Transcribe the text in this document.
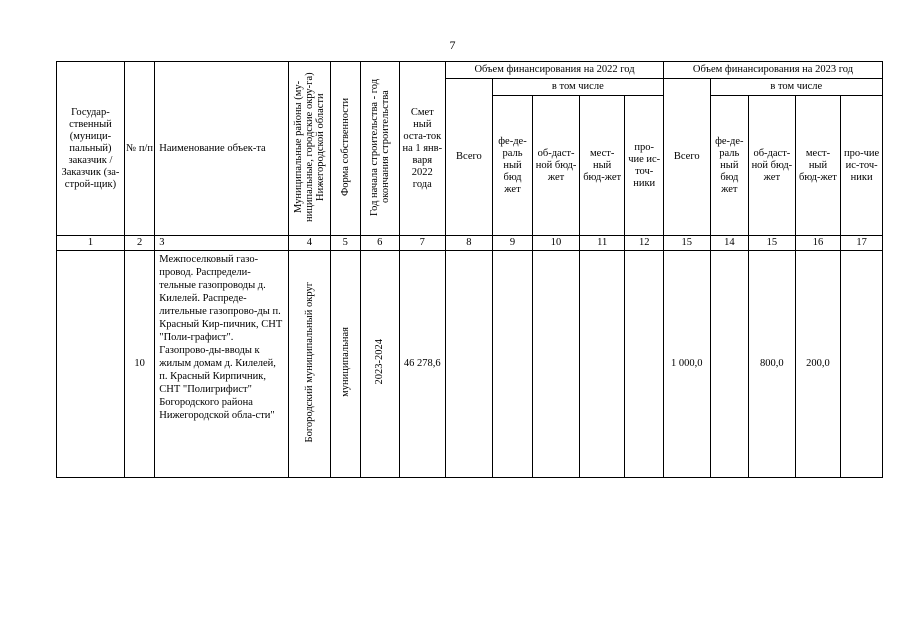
7
Государ-ственный (муници-пальный) заказчик / Заказчик (за-строй-щик)	№ п/п	Наименование объек-та	Муниципальные районы (му-ниципальные, городские окру-га) Нижегородской области	Форма собственности	Год начала строительства - год окончания строительства	Смет ный оста-ток на 1 янв-варя 2022 года	Объем финансирования на 2022 год					Объем финансирования на 2023 год				
							Всего	в том числе				Всего	в том числе			
								фе-де-раль ный бюд жет	об-даст-ной бюд-жет	мест-ный бюд-жет	про-чие ис-точ-ники		фе-де-раль ный бюд жет	об-даст-ной бюд-жет	мест-ный бюд-жет	про-чие ис-точ-ники
1	2	3	4	5	6	7	8	9	10	11	12	15	14	15	16	17
	10	Межпоселковый газо-провод. Распредели-тельные газопроводы д. Килелей. Распреде-лительные газопрово-ды п. Красный Кир-пичник, СНТ "Поли-графист". Газопрово-ды-вводы к жилым домам д. Килелей, п. Красный Кирпичник, СНТ "Полигрифист" Богородского района Нижегородской обла-сти"	Богородский муниципальный округ	муниципальная	2023-2024	46 278,6						1 000,0		800,0	200,0	
